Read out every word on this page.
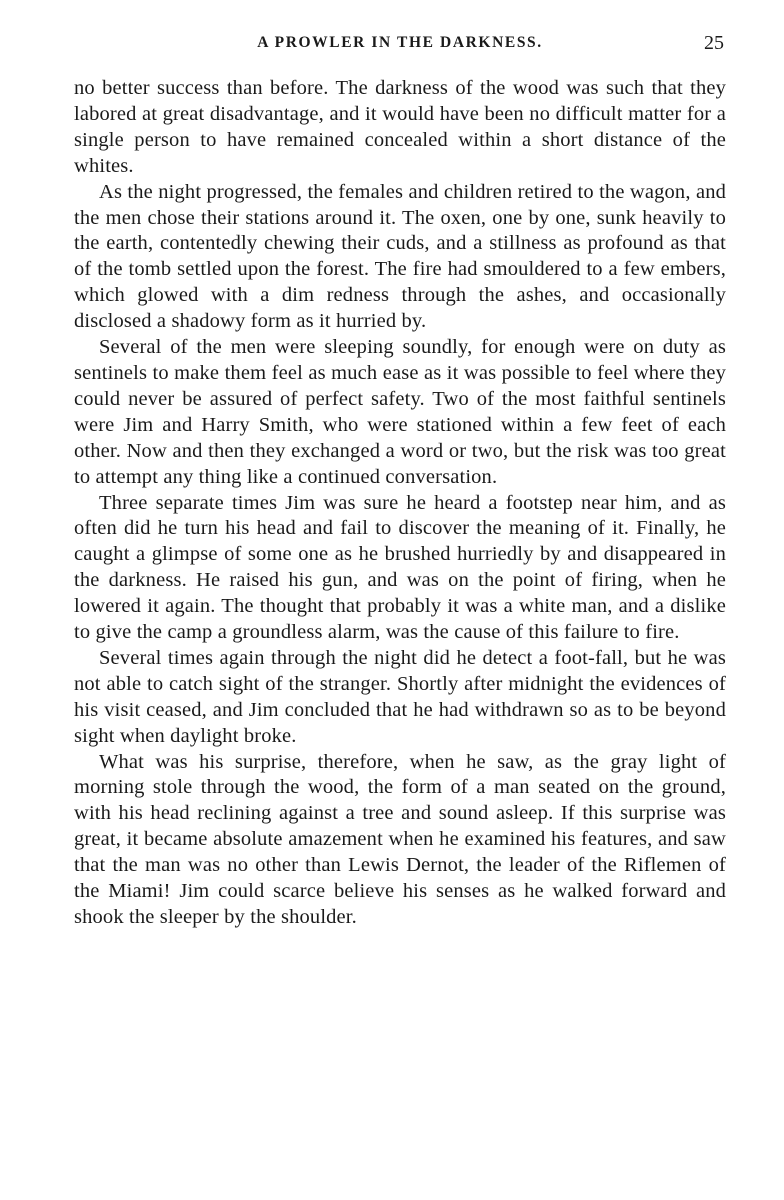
A PROWLER IN THE DARKNESS.	25

no better success than before. The darkness of the wood was such that they labored at great disadvantage, and it would have been no difficult matter for a single person to have remained concealed within a short distance of the whites.

As the night progressed, the females and children retired to the wagon, and the men chose their stations around it. The oxen, one by one, sunk heavily to the earth, contentedly chewing their cuds, and a stillness as profound as that of the tomb settled upon the forest. The fire had smouldered to a few embers, which glowed with a dim redness through the ashes, and occasionally disclosed a shadowy form as it hurried by.

Several of the men were sleeping soundly, for enough were on duty as sentinels to make them feel as much ease as it was possible to feel where they could never be assured of perfect safety. Two of the most faithful sentinels were Jim and Harry Smith, who were stationed within a few feet of each other. Now and then they exchanged a word or two, but the risk was too great to attempt any thing like a continued conversation.

Three separate times Jim was sure he heard a footstep near him, and as often did he turn his head and fail to discover the meaning of it. Finally, he caught a glimpse of some one as he brushed hurriedly by and disappeared in the darkness. He raised his gun, and was on the point of firing, when he lowered it again. The thought that probably it was a white man, and a dislike to give the camp a groundless alarm, was the cause of this failure to fire.

Several times again through the night did he detect a foot-fall, but he was not able to catch sight of the stranger. Shortly after midnight the evidences of his visit ceased, and Jim concluded that he had withdrawn so as to be beyond sight when daylight broke.

What was his surprise, therefore, when he saw, as the gray light of morning stole through the wood, the form of a man seated on the ground, with his head reclining against a tree and sound asleep. If this surprise was great, it became absolute amazement when he examined his features, and saw that the man was no other than Lewis Dernot, the leader of the Riflemen of the Miami! Jim could scarce believe his senses as he walked forward and shook the sleeper by the shoulder.
